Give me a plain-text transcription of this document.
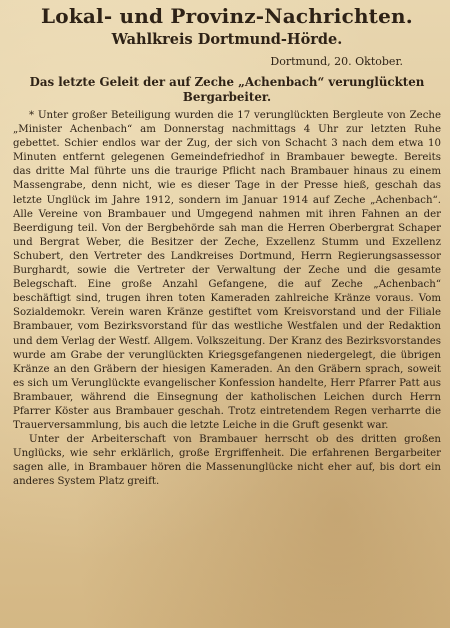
Lokal- und Provinz-Nachrichten.
Wahlkreis Dortmund-Hörde.
Dortmund, 20. Oktober.
Das letzte Geleit der auf Zeche „Achenbach“ verunglückten Bergarbeiter.

* Unter großer Beteiligung wurden die 17 verunglückten Bergleute von Zeche „Minister Achenbach“ am Donnerstag nachmittags 4 Uhr zur letzten Ruhe gebettet. Schier endlos war der Zug, der sich von Schacht 3 nach dem etwa 10 Minuten entfernt gelegenen Gemeindefriedhof in Brambauer bewegte. Bereits das dritte Mal führte uns die traurige Pflicht nach Brambauer hinaus zu einem Massengrabe, denn nicht, wie es dieser Tage in der Presse hieß, geschah das letzte Unglück im Jahre 1912, sondern im Januar 1914 auf Zeche „Achenbach“. Alle Vereine von Brambauer und Umgegend nahmen mit ihren Fahnen an der Beerdigung teil. Von der Bergbehörde sah man die Herren Oberbergrat Schaper und Bergrat Weber, die Besitzer der Zeche, Exzellenz Stumm und Exzellenz Schubert, den Vertreter des Landkreises Dortmund, Herrn Regierungsassessor Burghardt, sowie die Vertreter der Verwaltung der Zeche und die gesamte Belegschaft. Eine große Anzahl Gefangene, die auf Zeche „Achenbach“ beschäftigt sind, trugen ihren toten Kameraden zahlreiche Kränze voraus. Vom Sozialdemokr. Verein waren Kränze gestiftet vom Kreisvorstand und der Filiale Brambauer, vom Bezirksvorstand für das westliche Westfalen und der Redaktion und dem Verlag der Westf. Allgem. Volkszeitung. Der Kranz des Bezirksvorstandes wurde am Grabe der verunglückten Kriegsgefangenen niedergelegt, die übrigen Kränze an den Gräbern der hiesigen Kameraden. An den Gräbern sprach, soweit es sich um Verunglückte evangelischer Konfession handelte, Herr Pfarrer Patt aus Brambauer, während die Einsegnung der katholischen Leichen durch Herrn Pfarrer Köster aus Brambauer geschah. Trotz eintretendem Regen verharrte die Trauerversammlung, bis auch die letzte Leiche in die Gruft gesenkt war.

Unter der Arbeiterschaft von Brambauer herrscht ob des dritten großen Unglücks, wie sehr erklärlich, große Ergriffenheit. Die erfahrenen Bergarbeiter sagen alle, in Brambauer hören die Massenunglücke nicht eher auf, bis dort ein anderes System Platz greift.
